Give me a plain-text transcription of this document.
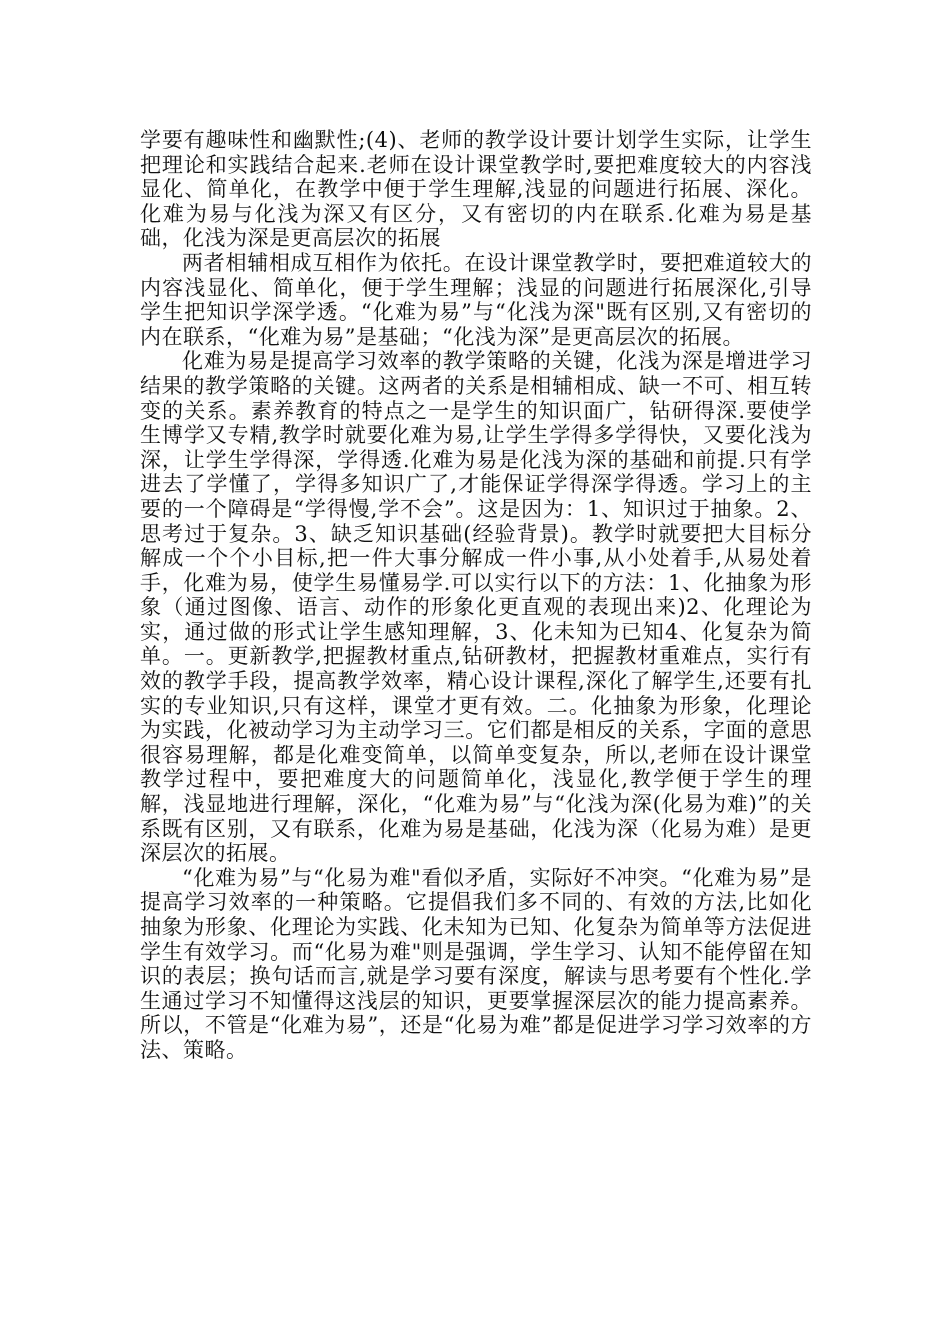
学要有趣味性和幽默性;(4)、老师的教学设计要计划学生实际，让学生把理论和实践结合起来.老师在设计课堂教学时,要把难度较大的内容浅显化、简单化，在教学中便于学生理解,浅显的问题进行拓展、深化。化难为易与化浅为深又有区分，又有密切的内在联系.化难为易是基础，化浅为深是更高层次的拓展

两者相辅相成互相作为依托。在设计课堂教学时，要把难道较大的内容浅显化、简单化，便于学生理解；浅显的问题进行拓展深化,引导学生把知识学深学透。“化难为易”与“化浅为深"既有区别,又有密切的内在联系，“化难为易”是基础；“化浅为深”是更高层次的拓展。

化难为易是提高学习效率的教学策略的关键，化浅为深是增进学习结果的教学策略的关键。这两者的关系是相辅相成、缺一不可、相互转变的关系。素养教育的特点之一是学生的知识面广，钻研得深.要使学生博学又专精,教学时就要化难为易,让学生学得多学得快，又要化浅为深，让学生学得深，学得透.化难为易是化浅为深的基础和前提.只有学进去了学懂了，学得多知识广了,才能保证学得深学得透。学习上的主要的一个障碍是“学得慢,学不会”。这是因为：1、知识过于抽象。2、思考过于复杂。3、缺乏知识基础(经验背景)。教学时就要把大目标分解成一个个小目标,把一件大事分解成一件小事,从小处着手,从易处着手，化难为易，使学生易懂易学.可以实行以下的方法：1、化抽象为形象（通过图像、语言、动作的形象化更直观的表现出来)2、化理论为实，通过做的形式让学生感知理解，3、化未知为已知4、化复杂为简单。一。更新教学,把握教材重点,钻研教材，把握教材重难点，实行有效的教学手段，提高教学效率，精心设计课程,深化了解学生,还要有扎实的专业知识,只有这样，课堂才更有效。二。化抽象为形象，化理论为实践，化被动学习为主动学习三。它们都是相反的关系，字面的意思很容易理解，都是化难变简单，以简单变复杂，所以,老师在设计课堂教学过程中，要把难度大的问题简单化，浅显化,教学便于学生的理解，浅显地进行理解，深化，“化难为易”与“化浅为深(化易为难)”的关系既有区别，又有联系，化难为易是基础，化浅为深（化易为难）是更深层次的拓展。

“化难为易”与“化易为难"看似矛盾，实际好不冲突。“化难为易”是提高学习效率的一种策略。它提倡我们多不同的、有效的方法,比如化抽象为形象、化理论为实践、化未知为已知、化复杂为简单等方法促进学生有效学习。而“化易为难"则是强调，学生学习、认知不能停留在知识的表层；换句话而言,就是学习要有深度，解读与思考要有个性化.学生通过学习不知懂得这浅层的知识，更要掌握深层次的能力提高素养。所以，不管是“化难为易”，还是“化易为难”都是促进学习学习效率的方法、策略。
